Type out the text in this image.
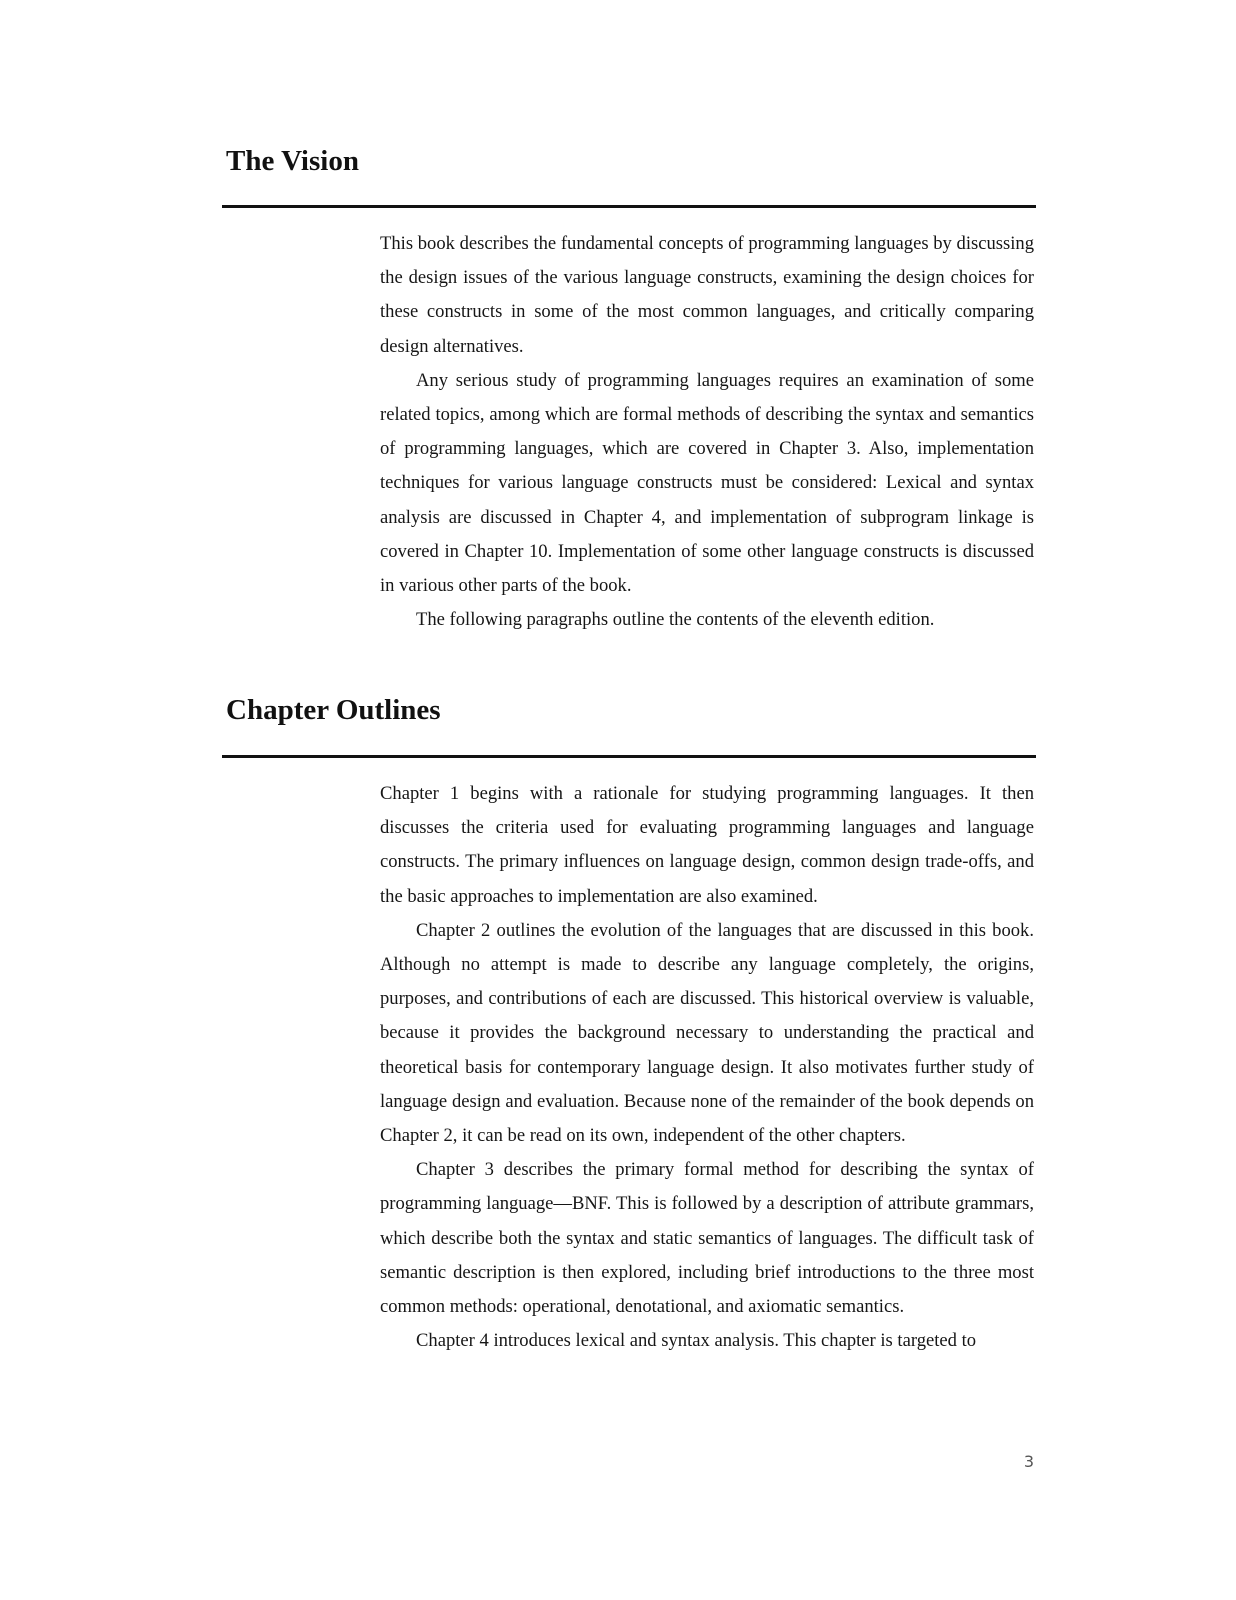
The Vision

This book describes the fundamental concepts of programming languages by discussing the design issues of the various language constructs, examining the design choices for these constructs in some of the most common languages, and critically comparing design alternatives.

Any serious study of programming languages requires an examination of some related topics, among which are formal methods of describing the syntax and semantics of programming languages, which are covered in Chapter 3. Also, implementation techniques for various language constructs must be considered: Lexical and syntax analysis are discussed in Chapter 4, and implementation of subprogram linkage is covered in Chapter 10. Implementation of some other language constructs is discussed in various other parts of the book.

The following paragraphs outline the contents of the eleventh edition.

Chapter Outlines

Chapter 1 begins with a rationale for studying programming languages. It then discusses the criteria used for evaluating programming languages and language constructs. The primary influences on language design, common design trade-offs, and the basic approaches to implementation are also examined.

Chapter 2 outlines the evolution of the languages that are discussed in this book. Although no attempt is made to describe any language completely, the origins, purposes, and contributions of each are discussed. This historical overview is valuable, because it provides the background necessary to understanding the practical and theoretical basis for contemporary language design. It also motivates further study of language design and evaluation. Because none of the remainder of the book depends on Chapter 2, it can be read on its own, independent of the other chapters.

Chapter 3 describes the primary formal method for describing the syntax of programming language—BNF. This is followed by a description of attribute grammars, which describe both the syntax and static semantics of languages. The difficult task of semantic description is then explored, including brief introductions to the three most common methods: operational, denotational, and axiomatic semantics.

Chapter 4 introduces lexical and syntax analysis. This chapter is targeted to

3
